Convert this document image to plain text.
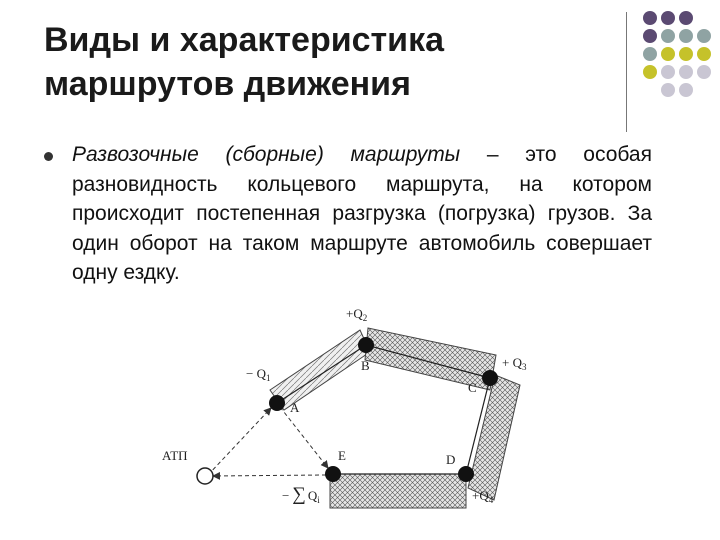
Виды и характеристика
маршрутов движения

Развозочные (сборные) маршруты – это особая разновидность кольцевого маршрута, на котором происходит постепенная разгрузка (погрузка) грузов. За один оборот на таком маршруте автомобиль совершает одну ездку.

АТП
A
B
C
D
E
− $Q_1$
$+Q_2$
+ $Q_3$
$+Q_4$
− ∑ $Q_i$
